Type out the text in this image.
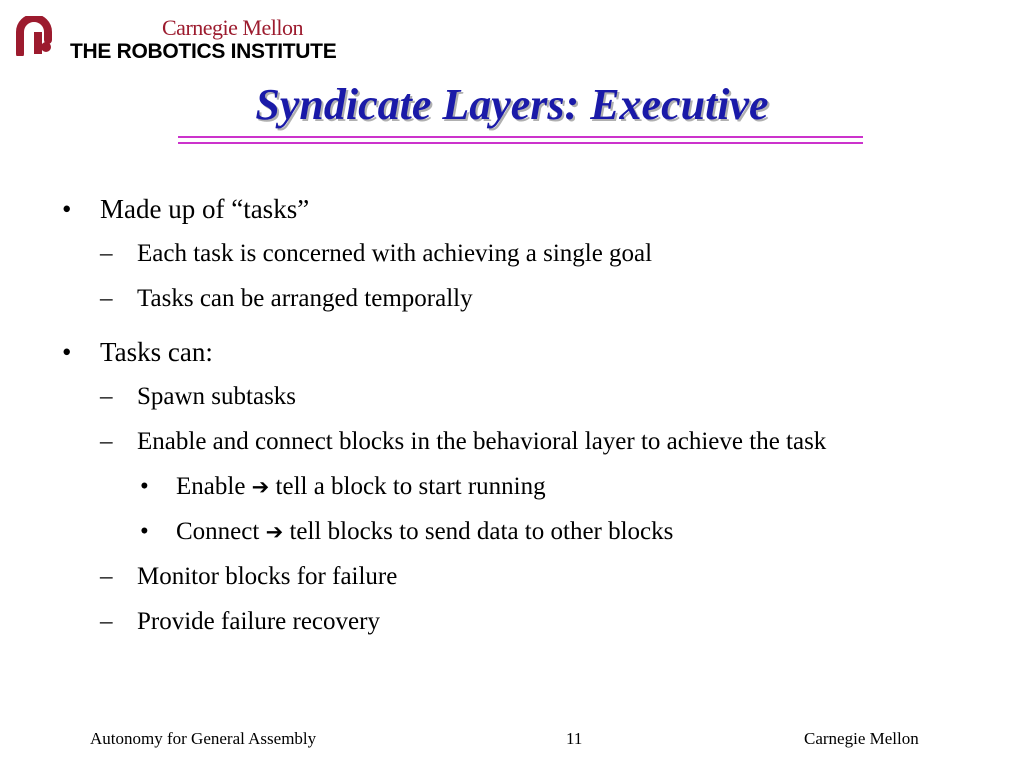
Carnegie Mellon
THE ROBOTICS INSTITUTE
Syndicate Layers: Executive
• Made up of “tasks”
– Each task is concerned with achieving a single goal
– Tasks can be arranged temporally
• Tasks can:
– Spawn subtasks
– Enable and connect blocks in the behavioral layer to achieve the task
• Enable ➔ tell a block to start running
• Connect ➔ tell blocks to send data to other blocks
– Monitor blocks for failure
– Provide failure recovery
Autonomy for General Assembly	11	Carnegie Mellon
